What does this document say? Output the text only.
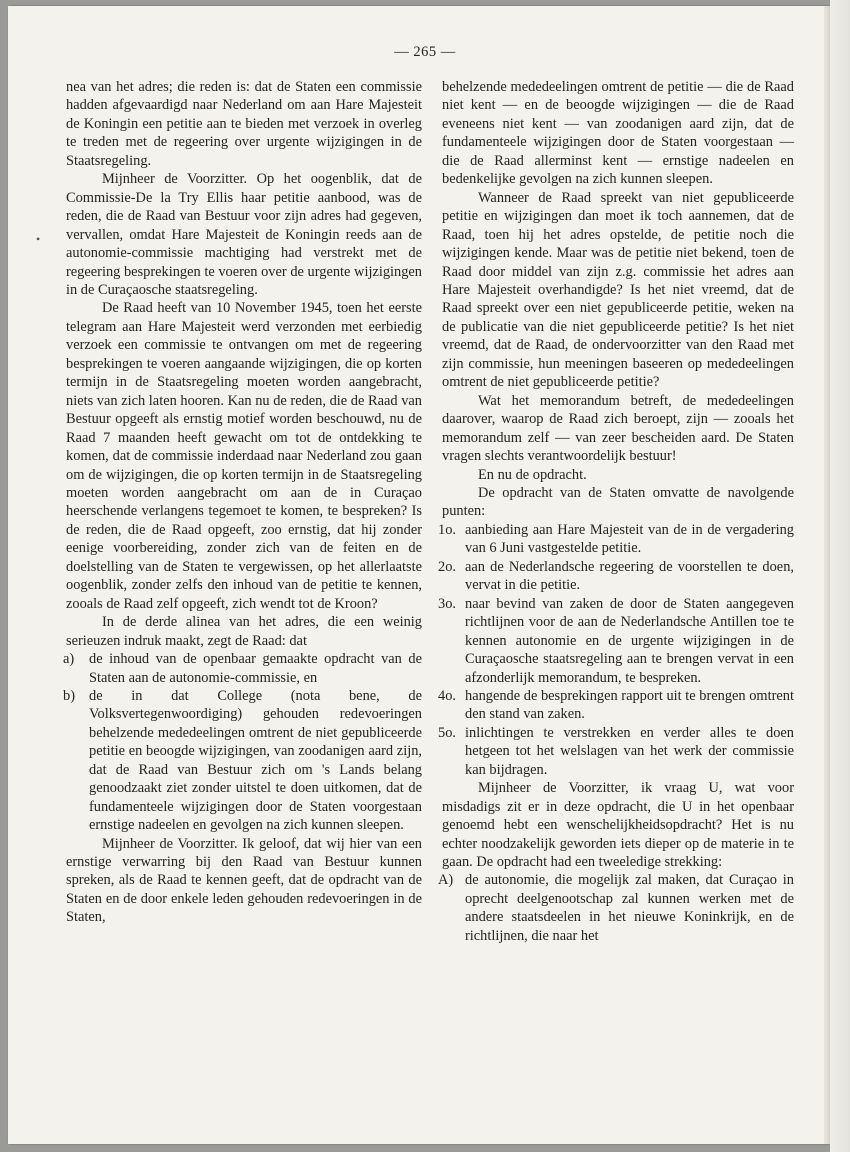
— 265 —
•

nea van het adres; die reden is: dat de Staten een commissie hadden afgevaardigd naar Nederland om aan Hare Majesteit de Koningin een petitie aan te bieden met verzoek in overleg te treden met de regeering over urgente wijzigingen in de Staatsregeling.

Mijnheer de Voorzitter. Op het oogenblik, dat de Commissie-De la Try Ellis haar petitie aanbood, was de reden, die de Raad van Bestuur voor zijn adres had gegeven, vervallen, omdat Hare Majesteit de Koningin reeds aan de autonomie-commissie machtiging had verstrekt met de regeering besprekingen te voeren over de urgente wijzigingen in de Curaçaosche staatsregeling.

De Raad heeft van 10 November 1945, toen het eerste telegram aan Hare Majesteit werd verzonden met eerbiedig verzoek een commissie te ontvangen om met de regeering besprekingen te voeren aangaande wijzigingen, die op korten termijn in de Staatsregeling moeten worden aangebracht, niets van zich laten hooren. Kan nu de reden, die de Raad van Bestuur opgeeft als ernstig motief worden beschouwd, nu de Raad 7 maanden heeft gewacht om tot de ontdekking te komen, dat de commissie inderdaad naar Nederland zou gaan om de wijzigingen, die op korten termijn in de Staatsregeling moeten worden aangebracht om aan de in Curaçao heerschende verlangens tegemoet te komen, te bespreken? Is de reden, die de Raad opgeeft, zoo ernstig, dat hij zonder eenige voorbereiding, zonder zich van de feiten en de doelstelling van de Staten te vergewissen, op het allerlaatste oogenblik, zonder zelfs den inhoud van de petitie te kennen, zooals de Raad zelf opgeeft, zich wendt tot de Kroon?

In de derde alinea van het adres, die een weinig serieuzen indruk maakt, zegt de Raad: dat

a) de inhoud van de openbaar gemaakte opdracht van de Staten aan de autonomie-commissie, en

b) de in dat College (nota bene, de Volksvertegenwoordiging) gehouden redevoeringen behelzende mededeelingen omtrent de niet gepubliceerde petitie en beoogde wijzigingen, van zoodanigen aard zijn, dat de Raad van Bestuur zich om 's Lands belang genoodzaakt ziet zonder uitstel te doen uitkomen, dat de fundamenteele wijzigingen door de Staten voorgestaan ernstige nadeelen en gevolgen na zich kunnen sleepen.

Mijnheer de Voorzitter. Ik geloof, dat wij hier van een ernstige verwarring bij den Raad van Bestuur kunnen spreken, als de Raad te kennen geeft, dat de opdracht van de Staten en de door enkele leden gehouden redevoeringen in de Staten,

behelzende mededeelingen omtrent de petitie — die de Raad niet kent — en de beoogde wijzigingen — die de Raad eveneens niet kent — van zoodanigen aard zijn, dat de fundamenteele wijzigingen door de Staten voorgestaan — die de Raad allerminst kent — ernstige nadeelen en bedenkelijke gevolgen na zich kunnen sleepen.

Wanneer de Raad spreekt van niet gepubliceerde petitie en wijzigingen dan moet ik toch aannemen, dat de Raad, toen hij het adres opstelde, de petitie noch die wijzigingen kende. Maar was de petitie niet bekend, toen de Raad door middel van zijn z.g. commissie het adres aan Hare Majesteit overhandigde? Is het niet vreemd, dat de Raad spreekt over een niet gepubliceerde petitie, weken na de publicatie van die niet gepubliceerde petitie? Is het niet vreemd, dat de Raad, de ondervoorzitter van den Raad met zijn commissie, hun meeningen baseeren op mededeelingen omtrent de niet gepubliceerde petitie?

Wat het memorandum betreft, de mededeelingen daarover, waarop de Raad zich beroept, zijn — zooals het memorandum zelf — van zeer bescheiden aard. De Staten vragen slechts verantwoordelijk bestuur!

En nu de opdracht.

De opdracht van de Staten omvatte de navolgende punten:

1o. aanbieding aan Hare Majesteit van de in de vergadering van 6 Juni vastgestelde petitie.

2o. aan de Nederlandsche regeering de voorstellen te doen, vervat in die petitie.

3o. naar bevind van zaken de door de Staten aangegeven richtlijnen voor de aan de Nederlandsche Antillen toe te kennen autonomie en de urgente wijzigingen in de Curaçaosche staatsregeling aan te brengen vervat in een afzonderlijk memorandum, te bespreken.

4o. hangende de besprekingen rapport uit te brengen omtrent den stand van zaken.

5o. inlichtingen te verstrekken en verder alles te doen hetgeen tot het welslagen van het werk der commissie kan bijdragen.

Mijnheer de Voorzitter, ik vraag U, wat voor misdadigs zit er in deze opdracht, die U in het openbaar genoemd hebt een wenschelijkheidsopdracht? Het is nu echter noodzakelijk geworden iets dieper op de materie in te gaan. De opdracht had een tweeledige strekking:

A) de autonomie, die mogelijk zal maken, dat Curaçao in oprecht deelgenootschap zal kunnen werken met de andere staatsdeelen in het nieuwe Koninkrijk, en de richtlijnen, die naar het
